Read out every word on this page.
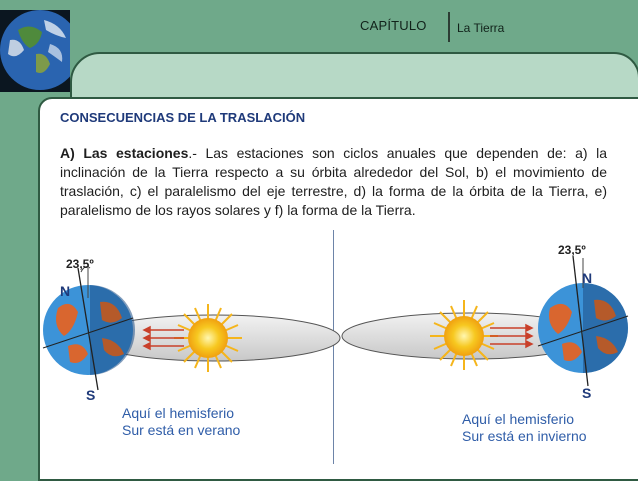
CAPÍTULO	La Tierra
CONSECUENCIAS DE LA TRASLACIÓN
A) Las estaciones.- Las estaciones son ciclos anuales que dependen de: a) la inclinación de la Tierra respecto a su órbita alrededor del Sol, b) el movimiento de traslación, c) el paralelismo del eje terrestre, d) la forma de la órbita de la Tierra, e) paralelismo de los rayos solares y f) la forma de la Tierra.
23,5º
N
S
Aquí el hemisferio
Sur está en verano
23,5º
N
S
Aquí el hemisferio
Sur está en invierno
